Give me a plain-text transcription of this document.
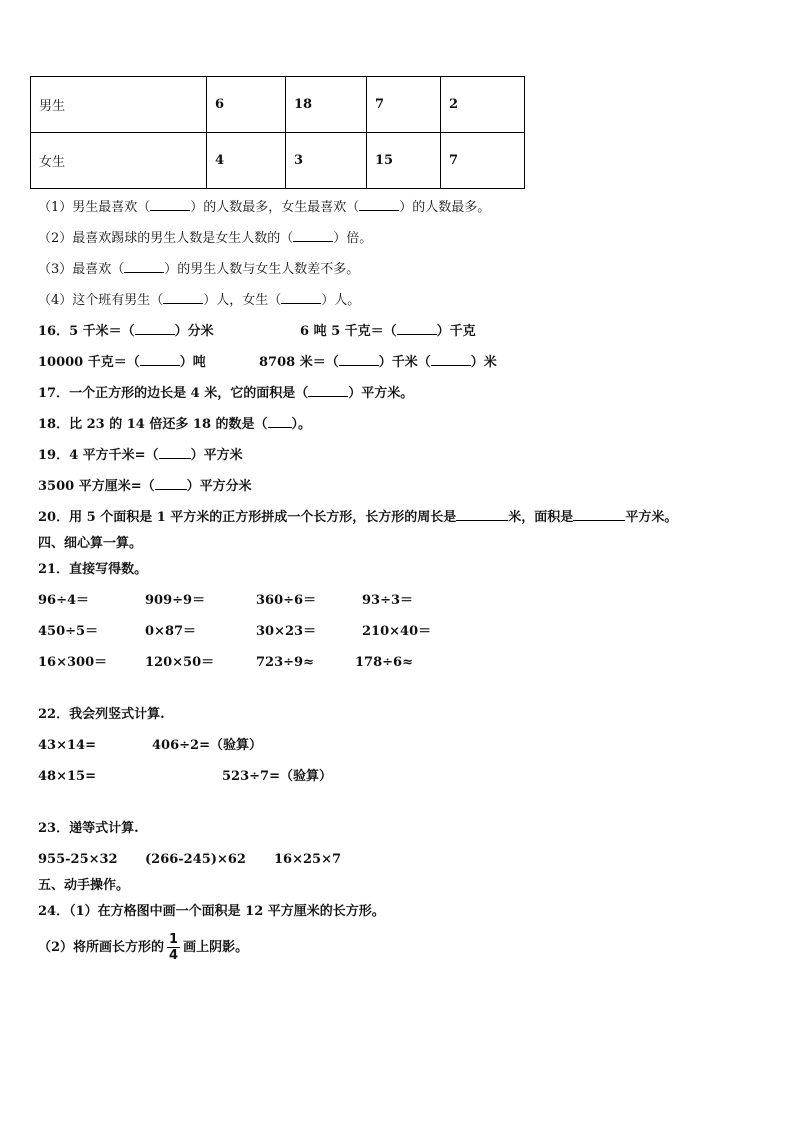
男生	6	18	7	2
女生	4	3	15	7
（1）男生最喜欢（	）的人数最多，女生最喜欢（	）的人数最多。
（2）最喜欢踢球的男生人数是女生人数的（	）倍。
（3）最喜欢（	）的男生人数与女生人数差不多。
（4）这个班有男生（	）人，女生（	）人。
16．5 千米＝（	）分米	6 吨 5 千克＝（	）千克
10000 千克＝（	）吨	8708 米＝（	）千米（	）米
17．一个正方形的边长是 4 米，它的面积是（	）平方米。
18．比 23 的 14 倍还多 18 的数是（ ）。
19．4 平方千米=（ ）平方米
3500 平方厘米=（ ）平方分米
20．用 5 个面积是 1 平方米的正方形拼成一个长方形，长方形的周长是	米，面积是	平方米。
四、细心算一算。
21．直接写得数。
96÷4＝	909÷9＝	360÷6＝	93÷3＝
450÷5＝	0×87＝	30×23＝	210×40＝
16×300＝	120×50＝	723÷9≈	178÷6≈
22．我会列竖式计算.
43×14=	406÷2=（验算）
48×15=	523÷7=（验算）
23．递等式计算.
955-25×32 (266-245)×62 16×25×7
五、动手操作。
24．（1）在方格图中画一个面积是 12 平方厘米的长方形。
（2）将所画长方形的 $\frac{1}{4}$ 画上阴影。
